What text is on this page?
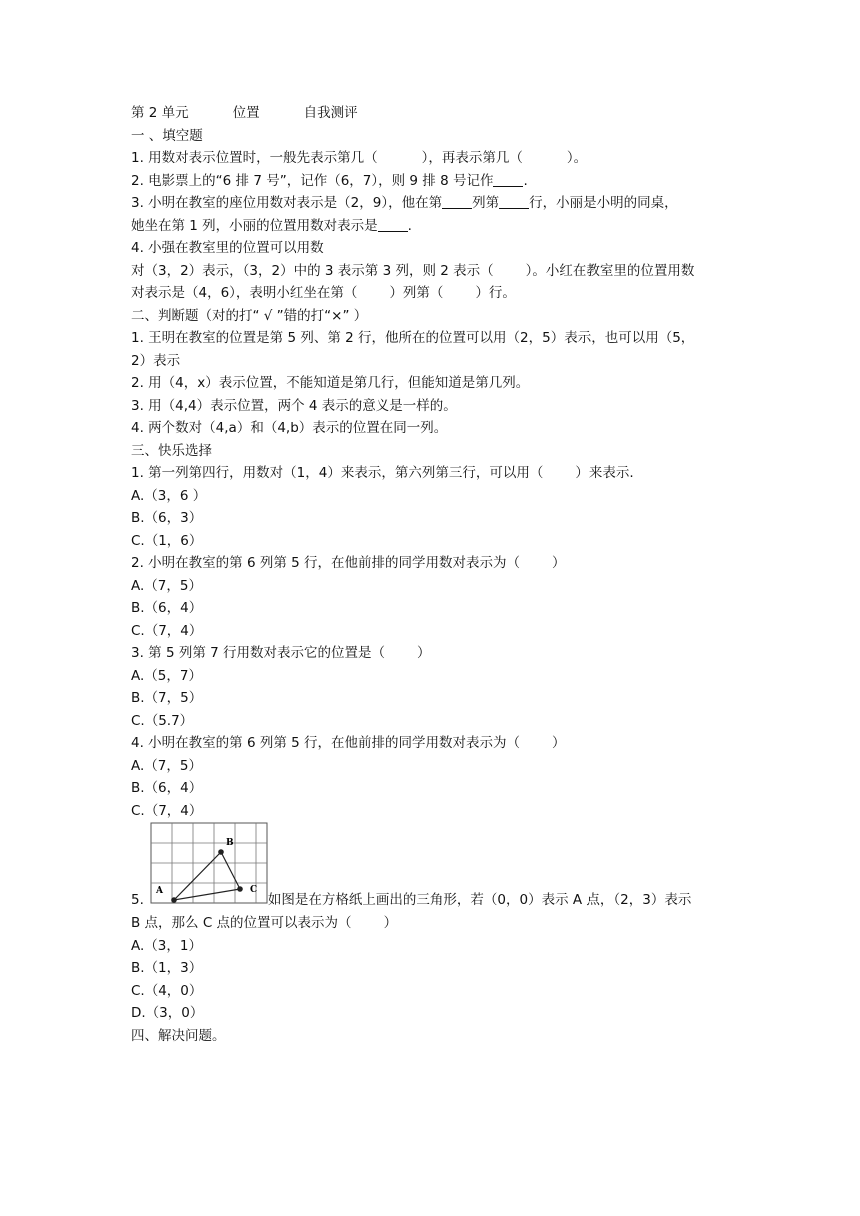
第 2 单元	位置	自我测评
一 、填空题
1. 用数对表示位置时，一般先表示第几（	），再表示第几（	）。
2. 电影票上的“6 排 7 号”，记作（6，7），则 9 排 8 号记作 .
3. 小明在教室的座位用数对表示是（2，9），他在第 列第 行，小丽是小明的同桌，
她坐在第 1 列，小丽的位置用数对表示是 .
4. 小强在教室里的位置可以用数
对（3，2）表示，（3，2）中的 3 表示第 3 列，则 2 表示（ ）。小红在教室里的位置用数
对表示是（4，6），表明小红坐在第（ ）列第（ ）行。
二、判断题（对的打“ √ ”错的打“×” ）
1. 王明在教室的位置是第 5 列、第 2 行，他所在的位置可以用（2，5）表示，也可以用（5，
2）表示
2. 用（4，x）表示位置，不能知道是第几行，但能知道是第几列。
3. 用（4,4）表示位置，两个 4 表示的意义是一样的。
4. 两个数对（4,a）和（4,b）表示的位置在同一列。
三、快乐选择
1. 第一列第四行，用数对（1，4）来表示，第六列第三行，可以用（ ）来表示.
A.（3，6 ）
B.（6，3）
C.（1，6）
2. 小明在教室的第 6 列第 5 行，在他前排的同学用数对表示为（ ）
A.（7，5）
B.（6，4）
C.（7，4）
3. 第 5 列第 7 行用数对表示它的位置是（ ）
A.（5，7）
B.（7，5）
C.（5.7）
4. 小明在教室的第 6 列第 5 行，在他前排的同学用数对表示为（ ）
A.（7，5）
B.（6，4）
C.（7，4）
A
B
C
5.	如图是在方格纸上画出的三角形，若（0，0）表示 A 点，（2，3）表示
B 点，那么 C 点的位置可以表示为（ ）
A.（3，1）
B.（1，3）
C.（4，0）
D.（3，0）
四、解决问题。
